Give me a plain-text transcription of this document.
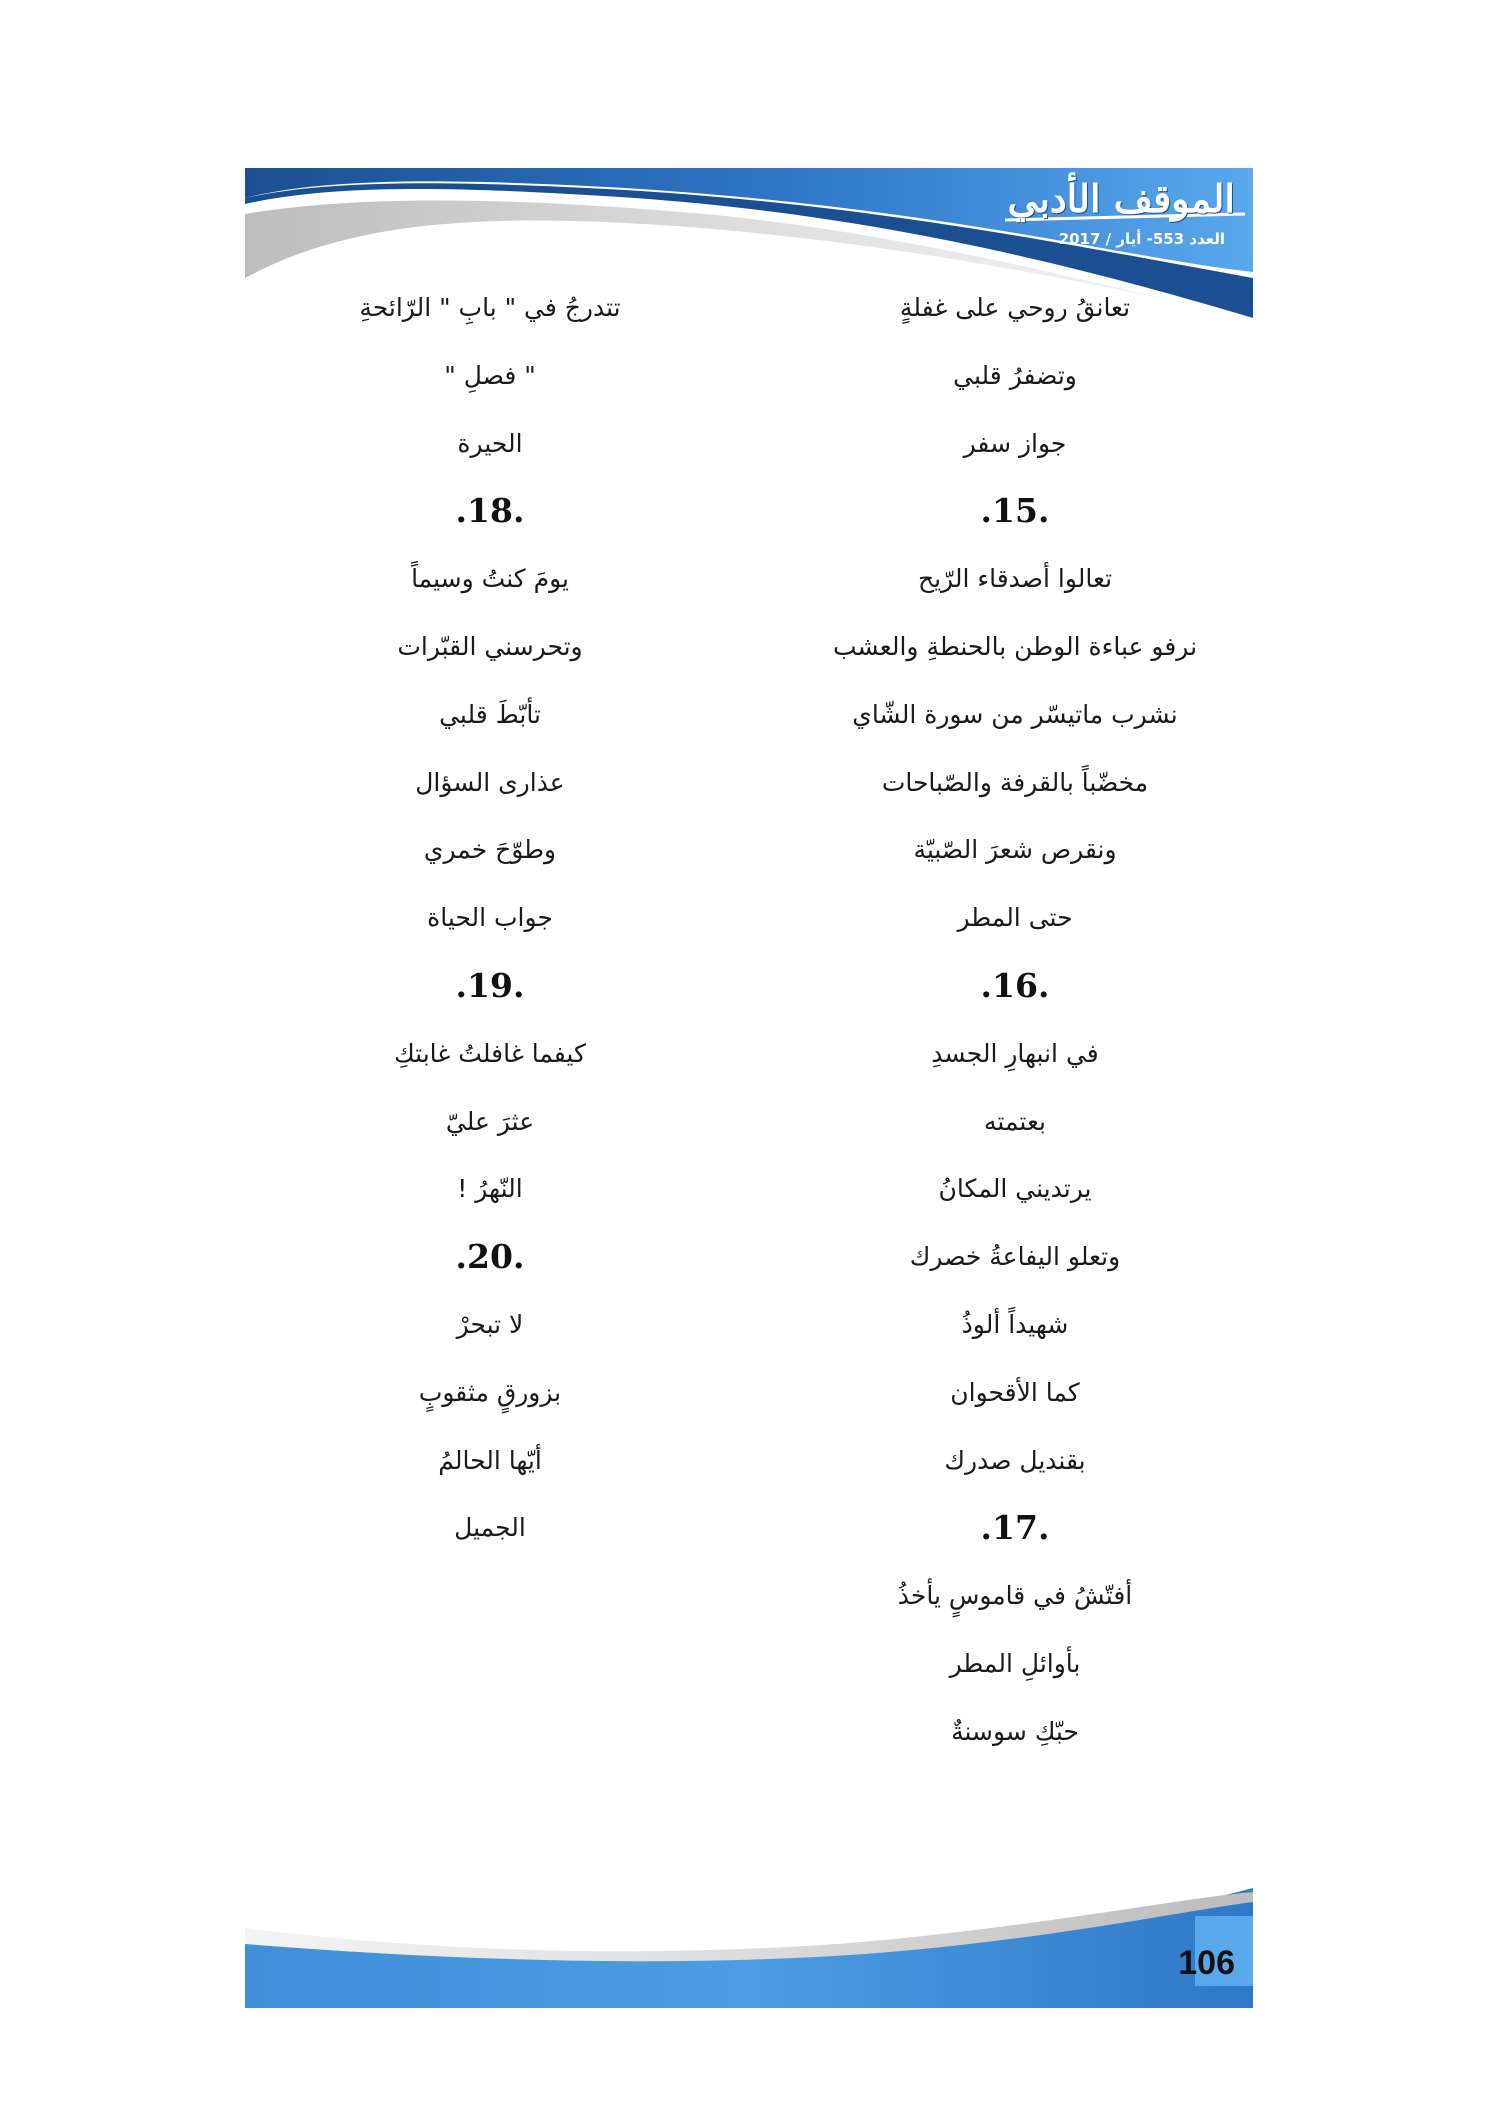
الموقف الأدبي
العدد 553- أيار / 2017
تعانقُ روحي على غفلةٍ
وتضفرُ قلبي
جواز سفر
.15.
تعالوا أصدقاء الرّيح
نرفو عباءة الوطن بالحنطةِ والعشب
نشرب ماتيسّر من سورة الشّاي
مخضّباً بالقرفة والصّباحات
ونقرص شعرَ الصّبيّة
حتى المطر
.16.
في انبهارِ الجسدِ
بعتمته
يرتديني المكانُ
وتعلو اليفاعةُ خصرك
شهيداً ألوذُ
كما الأقحوان
بقنديل صدرك
.17.
أفتّشُ في قاموسٍ يأخذُ
بأوائلِ المطر
حبّكِ سوسنةٌ
تتدرجُ في " بابِ " الرّائحةِ
" فصلِ "
الحيرة
.18.
يومَ كنتُ وسيماً
وتحرسني القبّرات
تأبّطَ قلبي
عذارى السؤال
وطوّحَ خمري
جواب الحياة
.19.
كيفما غافلتُ غابتكِ
عثرَ عليّ
النّهرُ !
.20.
لا تبحرْ
بزورقٍ مثقوبٍ
أيّها الحالمُ
الجميل
106
